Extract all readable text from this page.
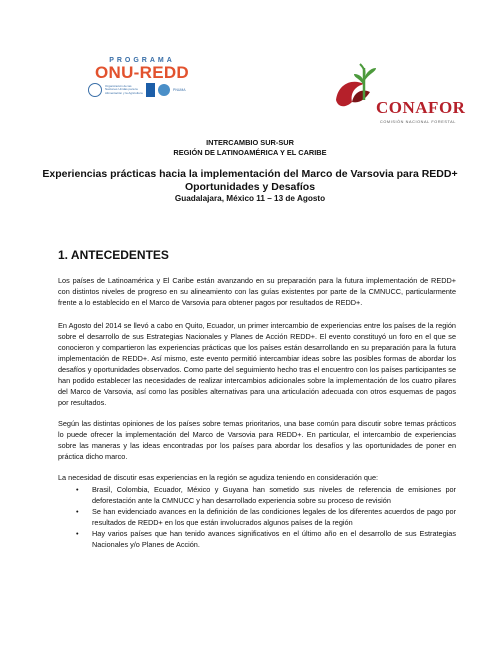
PROGRAMA
ONU-REDD
Organización de las Naciones Unidas para la Alimentación y la Agricultura
PNUMA
CONAFOR
COMISIÓN NACIONAL FORESTAL
INTERCAMBIO SUR-SUR
REGIÓN DE LATINOAMÉRICA Y EL CARIBE
Experiencias prácticas hacia la implementación del Marco de Varsovia para REDD+
Oportunidades y Desafíos
Guadalajara, México 11 – 13 de Agosto
1. ANTECEDENTES
Los países de Latinoamérica y El Caribe están avanzando en su preparación para la futura implementación de REDD+ con distintos niveles de progreso en su alineamiento con las guías existentes por parte de la CMNUCC, particularmente frente a lo establecido en el Marco de Varsovia para obtener pagos por resultados de REDD+.
En Agosto del 2014 se llevó a cabo en Quito, Ecuador, un primer intercambio de experiencias entre los países de la región sobre el desarrollo de sus Estrategias Nacionales y Planes de Acción REDD+. El evento constituyó un foro en el que se conocieron y compartieron las experiencias prácticas que los países están desarrollando en su preparación para la futura implementación de REDD+. Así mismo, este evento permitió intercambiar ideas sobre las posibles formas de abordar los desafíos y oportunidades observados. Como parte del seguimiento hecho tras el encuentro con los países participantes se han podido establecer las necesidades de realizar intercambios adicionales sobre la implementación de los cuatro pilares del Marco de Varsovia, así como las posibles alternativas para una articulación adecuada con otros esquemas de pagos por resultados.
Según las distintas opiniones de los países sobre temas prioritarios, una base común para discutir sobre temas prácticos lo puede ofrecer la implementación del Marco de Varsovia para REDD+. En particular, el intercambio de experiencias sobre las maneras y las ideas encontradas por los países para abordar los desafíos y las oportunidades de poner en práctica dicho marco.
La necesidad de discutir esas experiencias en la región se agudiza teniendo en consideración que:
• Brasil, Colombia, Ecuador, México y Guyana han sometido sus niveles de referencia de emisiones por deforestación ante la CMNUCC y han desarrollado experiencia sobre su proceso de revisión
• Se han evidenciado avances en la definición de las condiciones legales de los diferentes acuerdos de pago por resultados de REDD+ en los que están involucrados algunos países de la región
• Hay varios países que han tenido avances significativos en el último año en el desarrollo de sus Estrategias Nacionales y/o Planes de Acción.
